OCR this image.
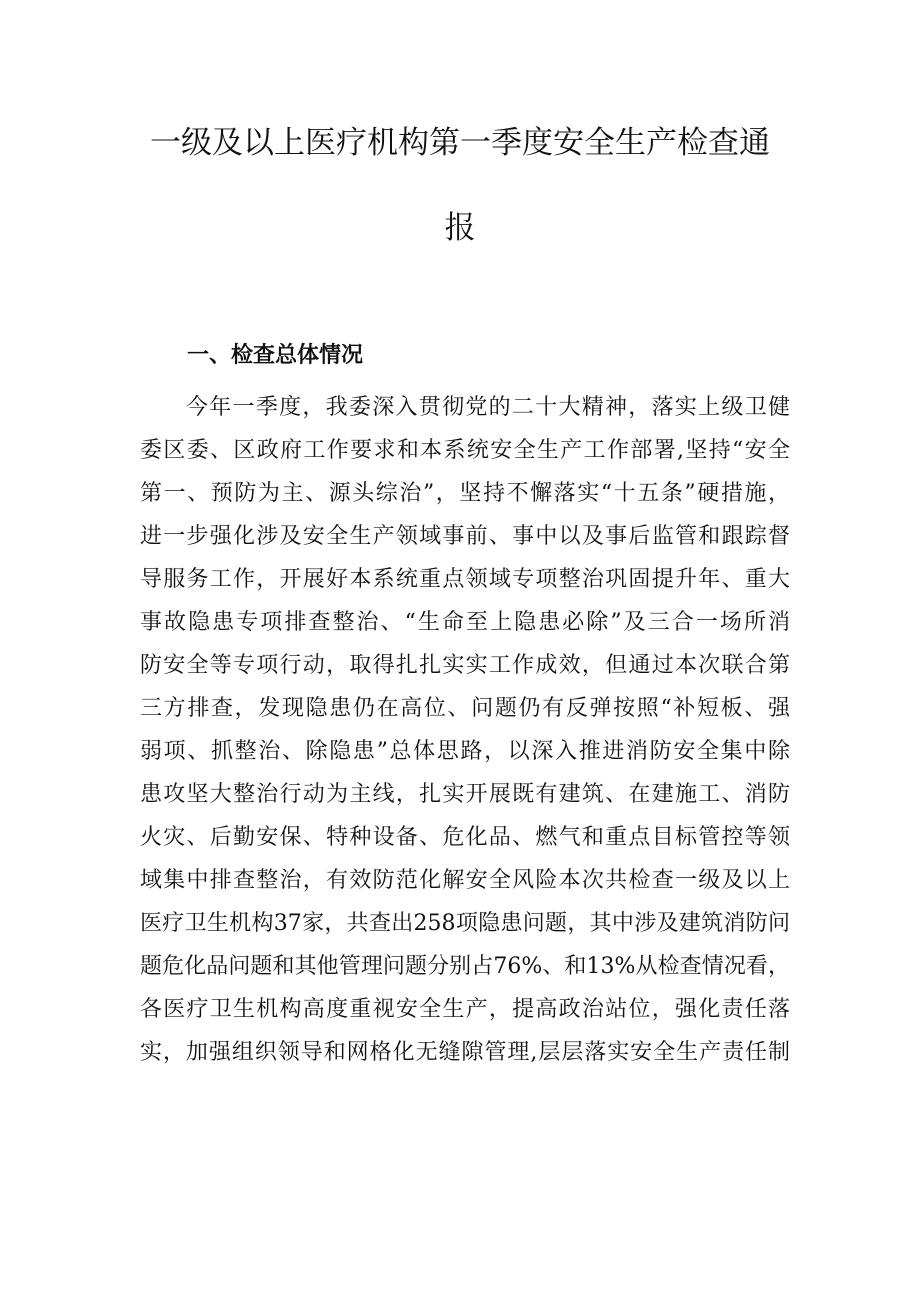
一级及以上医疗机构第一季度安全生产检查通
报
一、检查总体情况
今年一季度，我委深入贯彻党的二十大精神，落实上级卫健
委区委、区政府工作要求和本系统安全生产工作部署,坚持“安全
第一、预防为主、源头综治”，坚持不懈落实“十五条”硬措施，
进一步强化涉及安全生产领域事前、事中以及事后监管和跟踪督
导服务工作，开展好本系统重点领域专项整治巩固提升年、重大
事故隐患专项排查整治、“生命至上隐患必除”及三合一场所消
防安全等专项行动，取得扎扎实实工作成效，但通过本次联合第
三方排查，发现隐患仍在高位、问题仍有反弹按照“补短板、强
弱项、抓整治、除隐患”总体思路，以深入推进消防安全集中除
患攻坚大整治行动为主线，扎实开展既有建筑、在建施工、消防
火灾、后勤安保、特种设备、危化品、燃气和重点目标管控等领
域集中排查整治，有效防范化解安全风险本次共检查一级及以上
医疗卫生机构37家，共查出258项隐患问题，其中涉及建筑消防问
题危化品问题和其他管理问题分别占76%、和13%从检查情况看，
各医疗卫生机构高度重视安全生产，提高政治站位，强化责任落
实，加强组织领导和网格化无缝隙管理,层层落实安全生产责任制
